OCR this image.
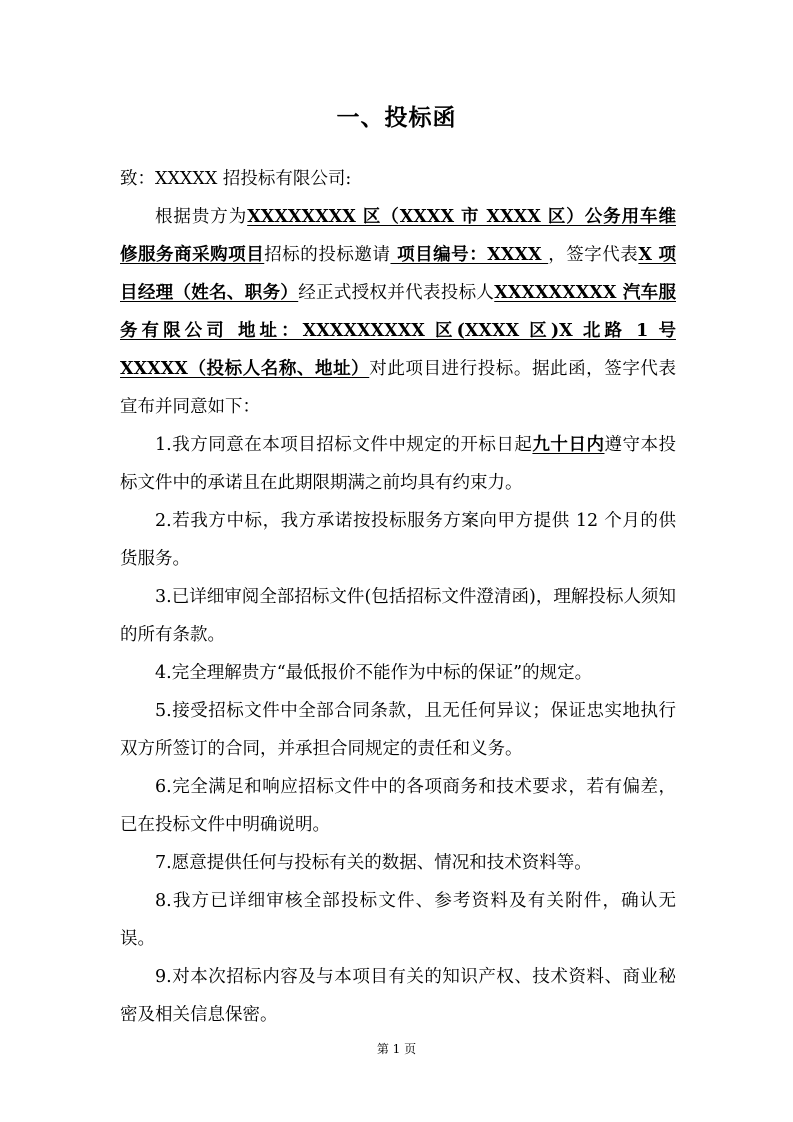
一、投标函

致：XXXXX 招投标有限公司:

根据贵方为XXXXXXXX 区（XXXX 市 XXXX 区）公务用车维修服务商采购项目招标的投标邀请 项目编号：XXXX ，签字代表X 项目经理（姓名、职务）经正式授权并代表投标人XXXXXXXXX 汽车服务有限公司 地址：XXXXXXXXX 区(XXXX 区)X 北路 1 号 XXXXX（投标人名称、地址）对此项目进行投标。据此函，签字代表宣布并同意如下：

1.我方同意在本项目招标文件中规定的开标日起九十日内遵守本投标文件中的承诺且在此期限期满之前均具有约束力。

2.若我方中标，我方承诺按投标服务方案向甲方提供 12 个月的供货服务。

3.已详细审阅全部招标文件(包括招标文件澄清函)，理解投标人须知的所有条款。

4.完全理解贵方“最低报价不能作为中标的保证”的规定。

5.接受招标文件中全部合同条款，且无任何异议；保证忠实地执行双方所签订的合同，并承担合同规定的责任和义务。

6.完全满足和响应招标文件中的各项商务和技术要求，若有偏差，已在投标文件中明确说明。

7.愿意提供任何与投标有关的数据、情况和技术资料等。

8.我方已详细审核全部投标文件、参考资料及有关附件，确认无误。

9.对本次招标内容及与本项目有关的知识产权、技术资料、商业秘密及相关信息保密。

第 1 页
